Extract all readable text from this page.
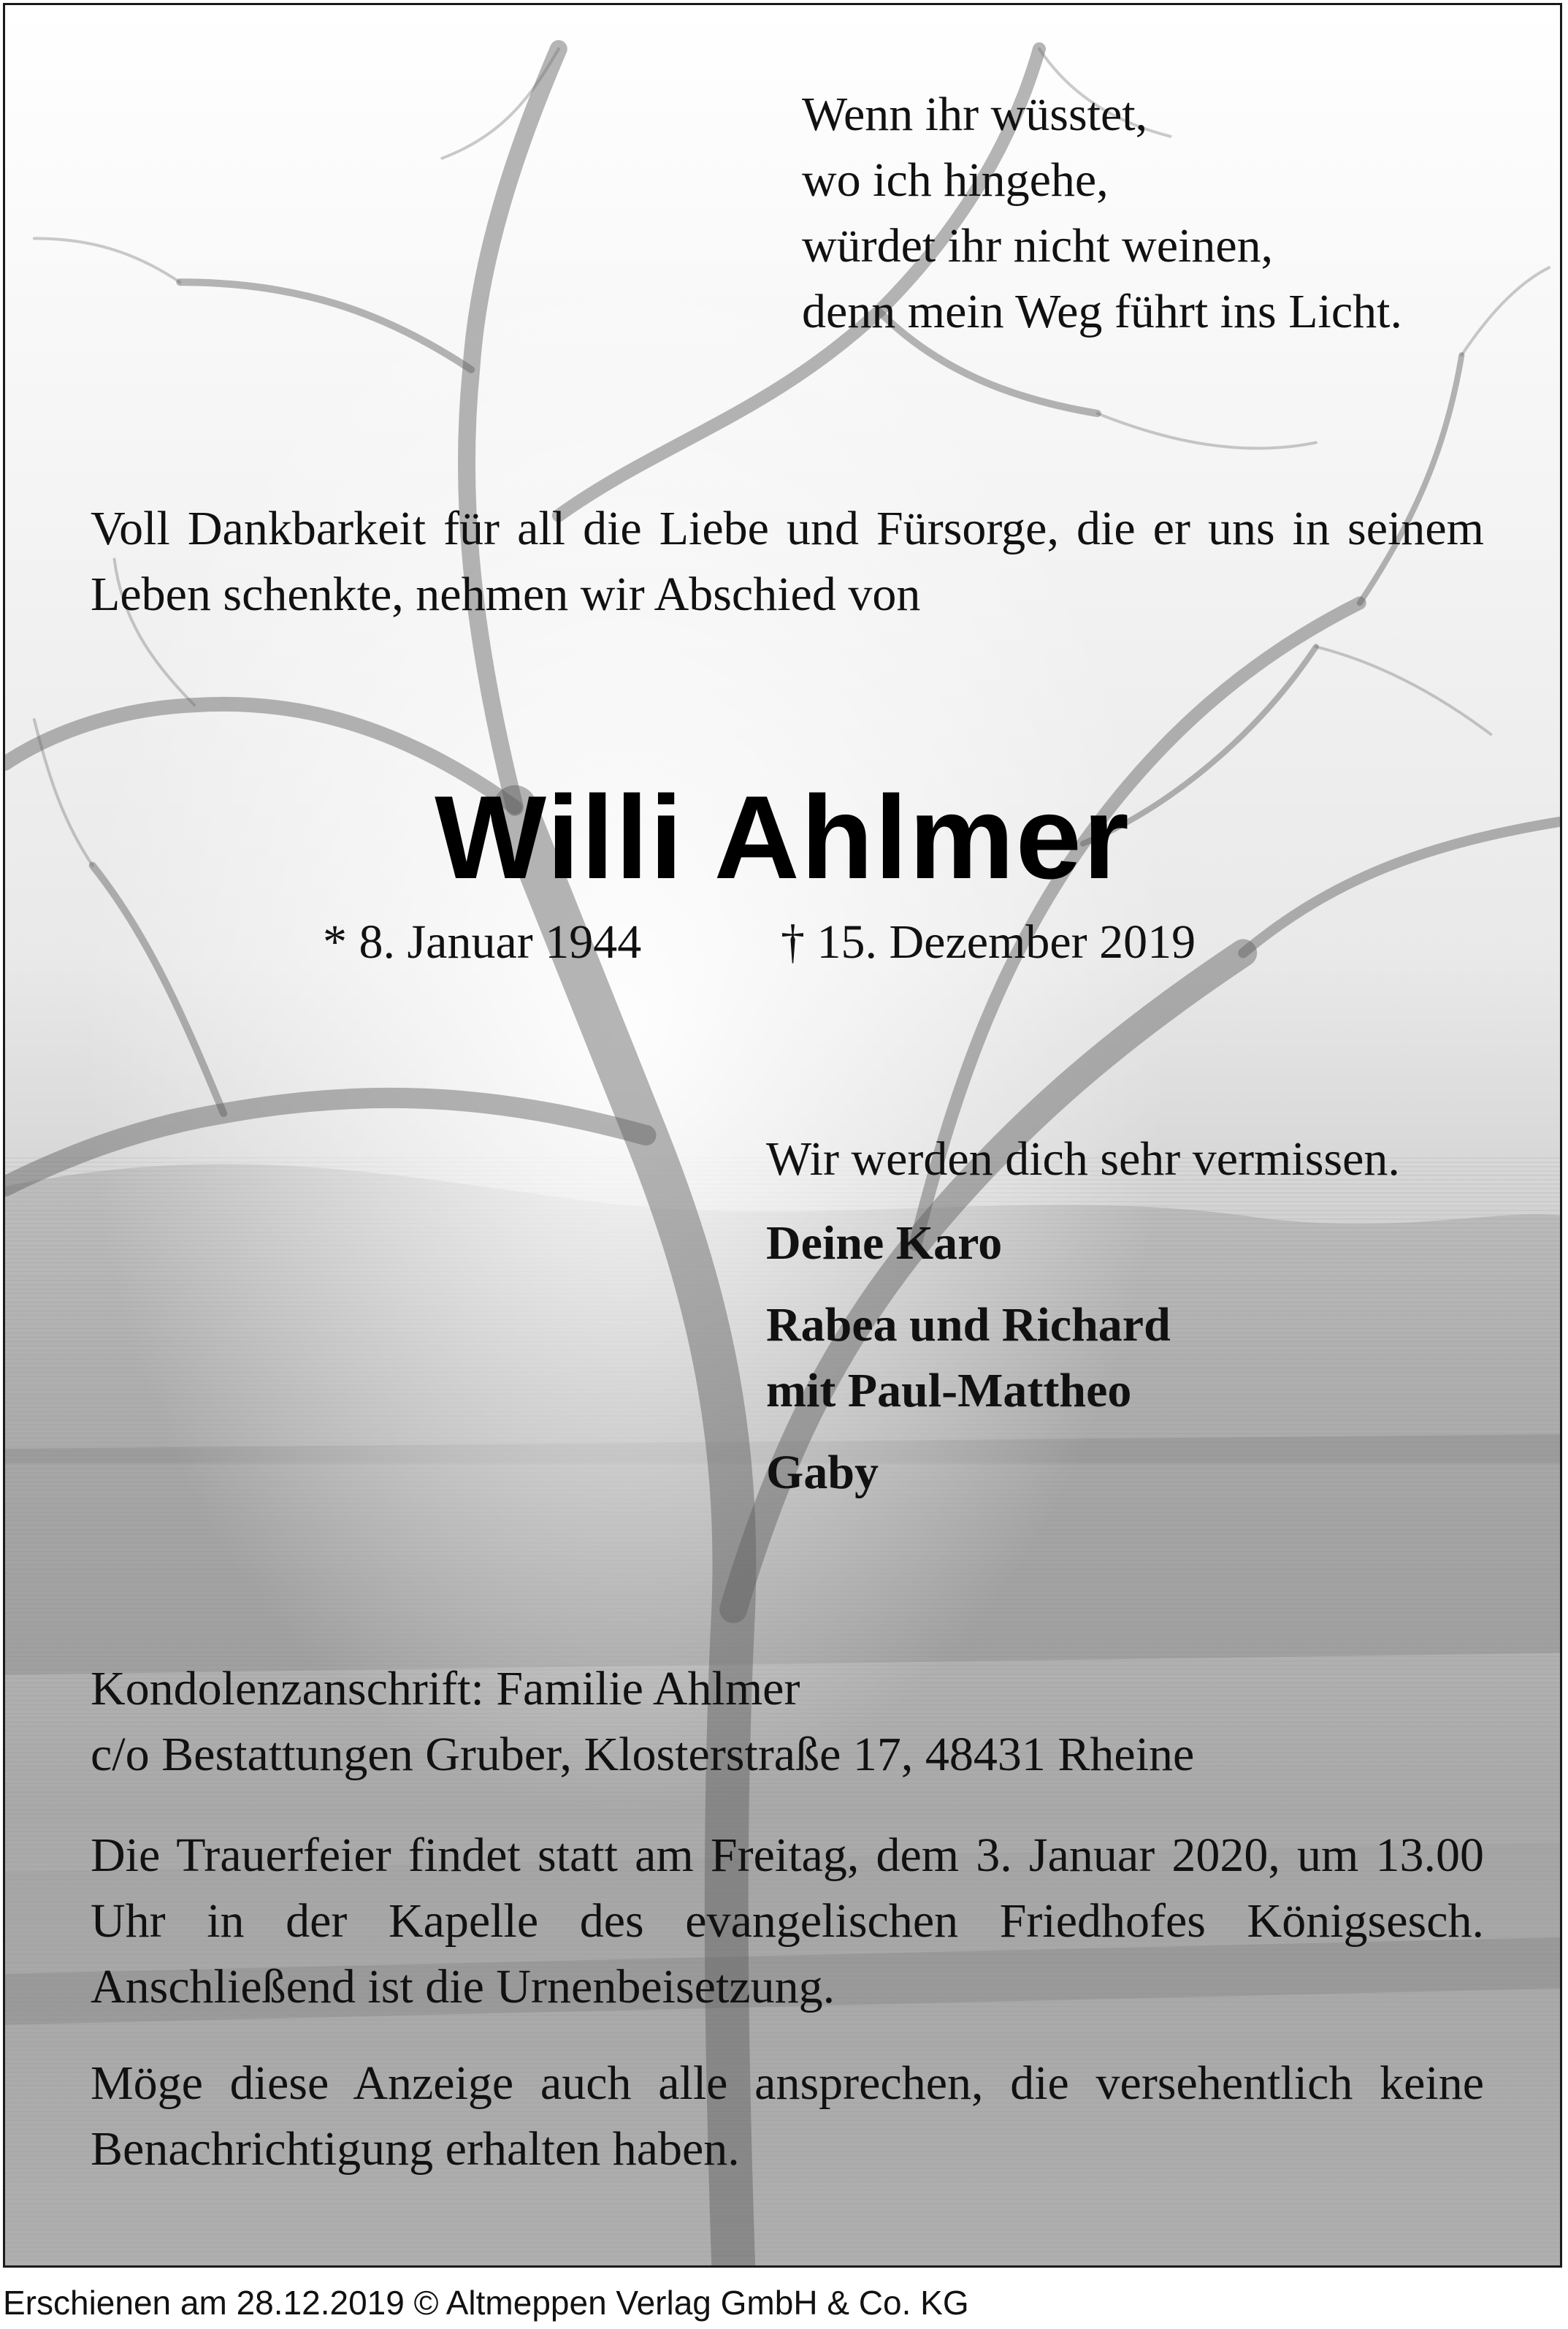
Wenn ihr wüsstet,
wo ich hingehe,
würdet ihr nicht weinen,
denn mein Weg führt ins Licht.

Voll Dankbarkeit für all die Liebe und Fürsorge, die er uns in seinem Leben schenkte, nehmen wir Abschied von

Willi Ahlmer
* 8. Januar 1944	† 15. Dezember 2019
Wir werden dich sehr vermissen.
Deine Karo
Rabea und Richard
mit Paul-Mattheo
Gaby
Kondolenzanschrift: Familie Ahlmer
c/o Bestattungen Gruber, Klosterstraße 17, 48431 Rheine

Die Trauerfeier findet statt am Freitag, dem 3. Januar 2020, um 13.00 Uhr in der Kapelle des evangelischen Friedhofes Königsesch. Anschließend ist die Urnenbeisetzung.

Möge diese Anzeige auch alle ansprechen, die versehentlich keine Benachrichtigung erhalten haben.

Erschienen am 28.12.2019 © Altmeppen Verlag GmbH & Co. KG
